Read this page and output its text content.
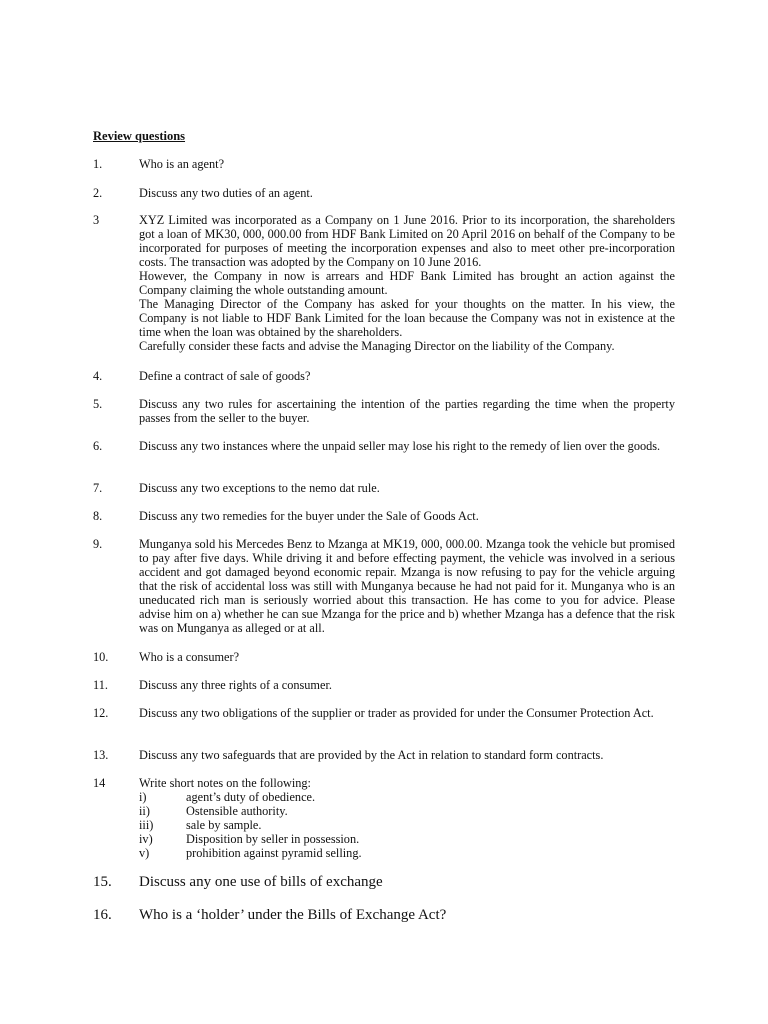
Review questions
1.	Who is an agent?
2.	Discuss any two duties of an agent.
3	XYZ Limited was incorporated as a Company on 1 June 2016. Prior to its incorporation, the shareholders got a loan of MK30, 000, 000.00 from HDF Bank Limited on 20 April 2016 on behalf of the Company to be incorporated for purposes of meeting the incorporation expenses and also to meet other pre-incorporation costs. The transaction was adopted by the Company on 10 June 2016.

However, the Company in now is arrears and HDF Bank Limited has brought an action against the Company claiming the whole outstanding amount.

The Managing Director of the Company has asked for your thoughts on the matter. In his view, the Company is not liable to HDF Bank Limited for the loan because the Company was not in existence at the time when the loan was obtained by the shareholders.

Carefully consider these facts and advise the Managing Director on the liability of the Company.

4.	Define a contract of sale of goods?
5.	Discuss any two rules for ascertaining the intention of the parties regarding the time when the property passes from the seller to the buyer.
6.	Discuss any two instances where the unpaid seller may lose his right to the remedy of lien over the goods.
7.	Discuss any two exceptions to the nemo dat rule.
8.	Discuss any two remedies for the buyer under the Sale of Goods Act.
9.	Munganya sold his Mercedes Benz to Mzanga at MK19, 000, 000.00. Mzanga took the vehicle but promised to pay after five days. While driving it and before effecting payment, the vehicle was involved in a serious accident and got damaged beyond economic repair. Mzanga is now refusing to pay for the vehicle arguing that the risk of accidental loss was still with Munganya because he had not paid for it. Munganya who is an uneducated rich man is seriously worried about this transaction. He has come to you for advice. Please advise him on a) whether he can sue Mzanga for the price and b) whether Mzanga has a defence that the risk was on Munganya as alleged or at all.
10. Who is a consumer?
11.	Discuss any three rights of a consumer.
12. Discuss any two obligations of the supplier or trader as provided for under the Consumer Protection Act.
13. Discuss any two safeguards that are provided by the Act in relation to standard form contracts.
14	Write short notes on the following:

i)	agent’s duty of obedience.
ii)	Ostensible authority.
iii)	sale by sample.
iv)	Disposition by seller in possession.
v)	prohibition against pyramid selling.
15. Discuss any one use of bills of exchange
16. Who is a ‘holder’ under the Bills of Exchange Act?
